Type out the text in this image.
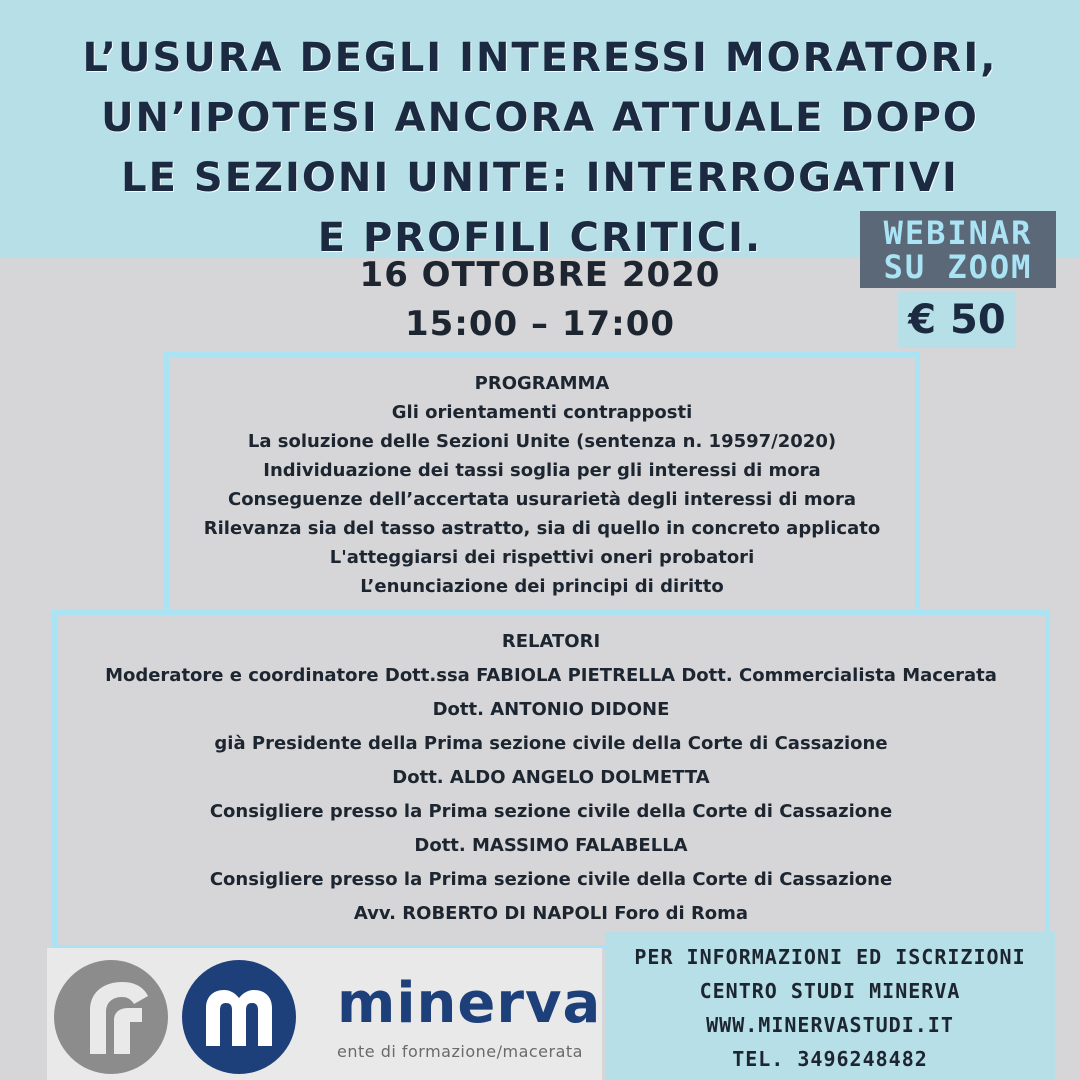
L’USURA DEGLI INTERESSI MORATORI,
UN’IPOTESI ANCORA ATTUALE DOPO
LE SEZIONI UNITE: INTERROGATIVI
E PROFILI CRITICI.	WEBINAR
SU ZOOM
€ 50
16 OTTOBRE 2020
15:00 – 17:00
PROGRAMMA
Gli orientamenti contrapposti
La soluzione delle Sezioni Unite (sentenza n. 19597/2020)
Individuazione dei tassi soglia per gli interessi di mora
Conseguenze dell’accertata usurarietà degli interessi di mora
Rilevanza sia del tasso astratto, sia di quello in concreto applicato
L'atteggiarsi dei rispettivi oneri probatori
L’enunciazione dei principi di diritto
RELATORI
Moderatore e coordinatore Dott.ssa FABIOLA PIETRELLA Dott. Commercialista Macerata
Dott. ANTONIO DIDONE
già Presidente della Prima sezione civile della Corte di Cassazione
Dott. ALDO ANGELO DOLMETTA
Consigliere presso la Prima sezione civile della Corte di Cassazione
Dott. MASSIMO FALABELLA
Consigliere presso la Prima sezione civile della Corte di Cassazione
Avv. ROBERTO DI NAPOLI Foro di Roma
minerva
ente di formazione/macerata
PER INFORMAZIONI ED ISCRIZIONI
CENTRO STUDI MINERVA
WWW.MINERVASTUDI.IT
TEL. 3496248482
